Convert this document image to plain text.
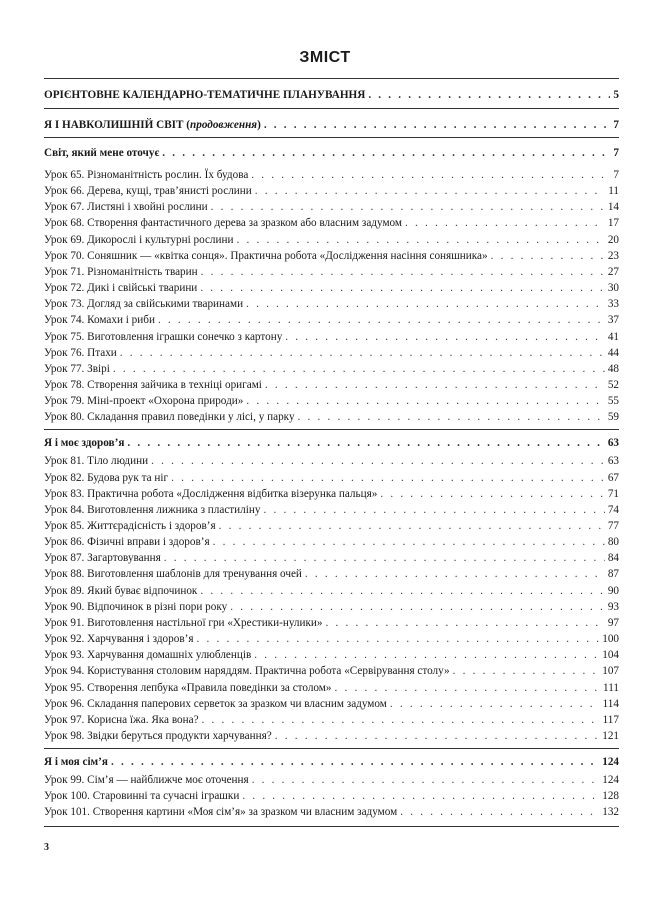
ЗМІСТ
ОРІЄНТОВНЕ КАЛЕНДАРНО-ТЕМАТИЧНЕ ПЛАНУВАННЯ . . .	5
Я І НАВКОЛИШНІЙ СВІТ (продовження) . . .	7
Світ, який мене оточує . . .	7
Урок 65. Різноманітність рослин. Їх будова . . .	7
Урок 66. Дерева, кущі, трав’янисті рослини . . .	11
Урок 67. Листяні і хвойні рослини . . .	14
Урок 68. Створення фантастичного дерева за зразком або власним задумом . . .	17
Урок 69. Дикорослі і культурні рослини . . .	20
Урок 70. Соняшник — «квітка сонця». Практична робота «Дослідження насіння соняшника» . . .	23
Урок 71. Різноманітність тварин . . .	27
Урок 72. Дикі і свійські тварини . . .	30
Урок 73. Догляд за свійськими тваринами . . .	33
Урок 74. Комахи і риби . . .	37
Урок 75. Виготовлення іграшки сонечко з картону . . .	41
Урок 76. Птахи . . .	44
Урок 77. Звірі . . .	48
Урок 78. Створення зайчика в техніці оригамі . . .	52
Урок 79. Міні-проект «Охорона природи» . . .	55
Урок 80. Складання правил поведінки у лісі, у парку . . .	59
Я і моє здоров’я . . .	63
Урок 81. Тіло людини . . .	63
Урок 82. Будова рук та ніг . . .	67
Урок 83. Практична робота «Дослідження відбитка візерунка пальця» . . .	71
Урок 84. Виготовлення лижника з пластиліну . . .	74
Урок 85. Життєрадісність і здоров’я . . .	77
Урок 86. Фізичні вправи і здоров’я . . .	80
Урок 87. Загартовування . . .	84
Урок 88. Виготовлення шаблонів для тренування очей . . .	87
Урок 89. Який буває відпочинок . . .	90
Урок 90. Відпочинок в різні пори року . . .	93
Урок 91. Виготовлення настільної гри «Хрестики-нулики» . . .	97
Урок 92. Харчування і здоров’я . . .	100
Урок 93. Харчування домашніх улюбленців . . .	104
Урок 94. Користування столовим наряддям. Практична робота «Сервірування столу» . . .	107
Урок 95. Створення лепбука «Правила поведінки за столом» . . .	111
Урок 96. Складання паперових серветок за зразком чи власним задумом . . .	114
Урок 97. Корисна їжа. Яка вона? . . .	117
Урок 98. Звідки беруться продукти харчування? . . .	121
Я і моя сім’я . . .	124
Урок 99. Сім’я — найближче моє оточення . . .	124
Урок 100. Старовинні та сучасні іграшки . . .	128
Урок 101. Створення картини «Моя сім’я» за зразком чи власним задумом . . .	132
3
